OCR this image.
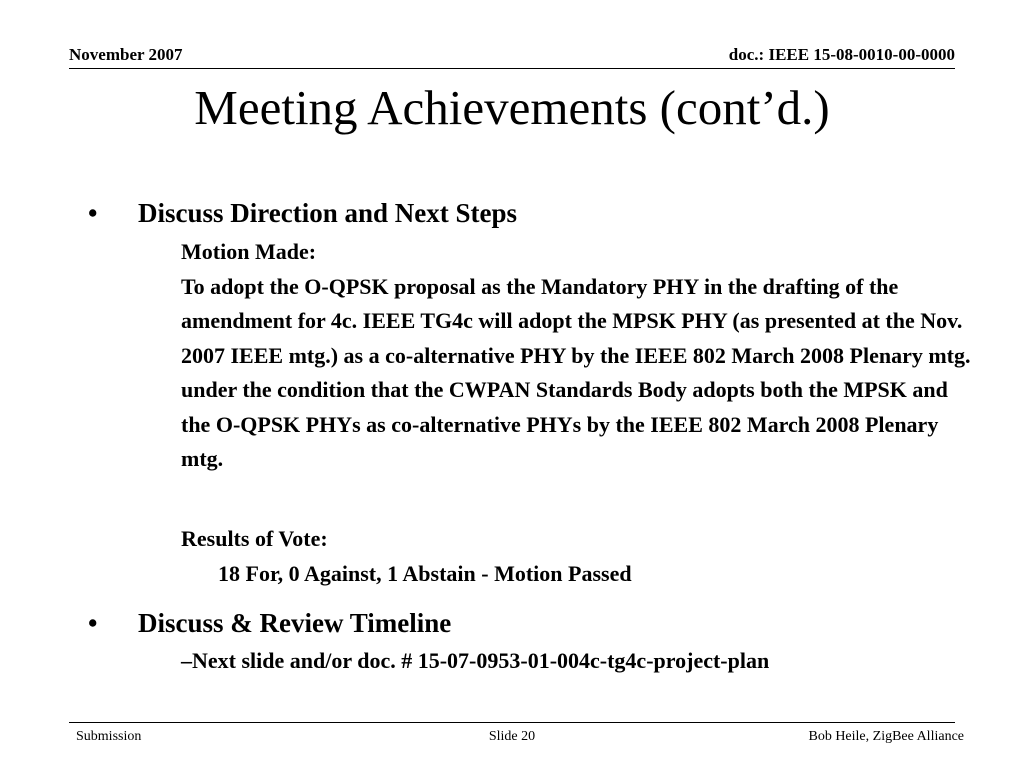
November 2007	doc.: IEEE 15-08-0010-00-0000
Meeting Achievements (cont’d.)
• Discuss Direction and Next Steps

Motion Made:

To adopt the O-QPSK proposal as the Mandatory PHY in the drafting of the amendment for 4c. IEEE TG4c will adopt the MPSK PHY (as presented at the Nov. 2007 IEEE mtg.) as a co-alternative PHY by the IEEE 802 March 2008 Plenary mtg. under the condition that the CWPAN Standards Body adopts both the MPSK and the O-QPSK PHYs as co-alternative PHYs by the IEEE 802 March 2008 Plenary mtg.

Results of Vote:

18 For, 0 Against, 1 Abstain - Motion Passed

• Discuss & Review Timeline
–Next slide and/or doc. # 15-07-0953-01-004c-tg4c-project-plan
Submission	Slide 20	Bob Heile, ZigBee Alliance
